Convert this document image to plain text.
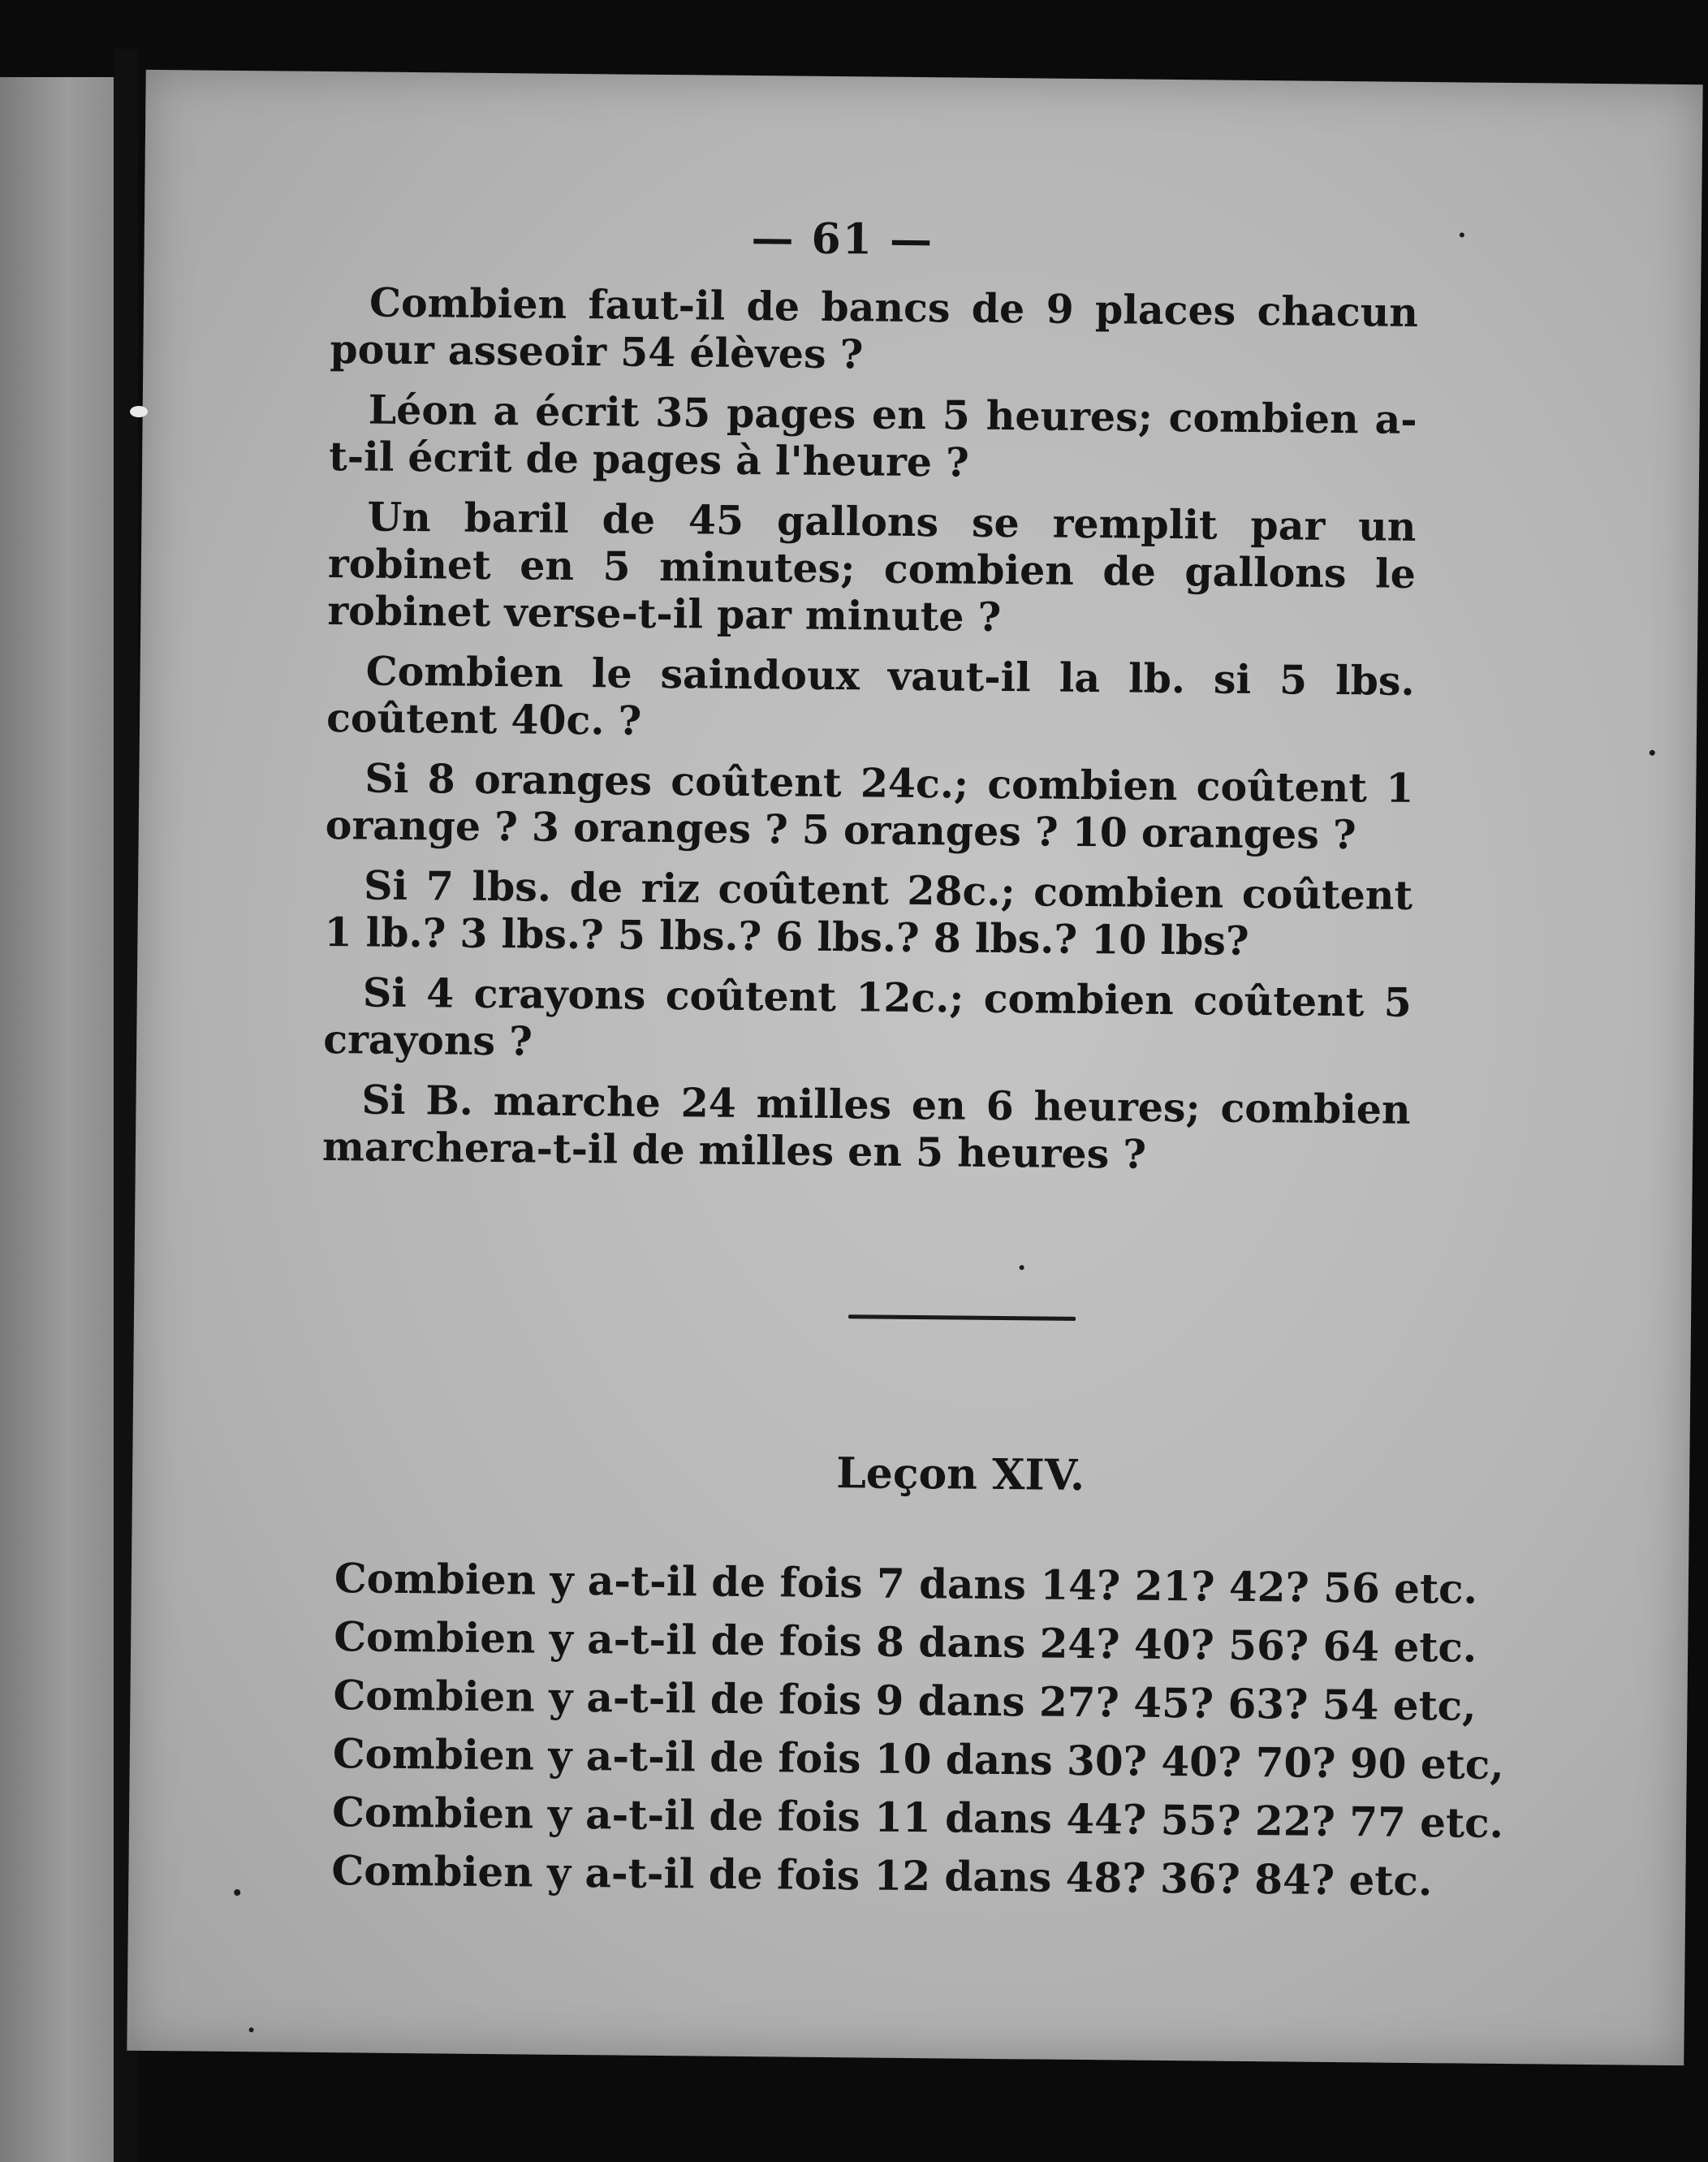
— 61 —

Combien faut-il de bancs de 9 places chacun pour asseoir 54 élèves ?

Léon a écrit 35 pages en 5 heures; combien a-t-il écrit de pages à l'heure ?

Un baril de 45 gallons se remplit par un robinet en 5 minutes; combien de gallons le robinet verse-t-il par minute ?

Combien le saindoux vaut-il la lb. si 5 lbs. coûtent 40c. ?

Si 8 oranges coûtent 24c.; combien coûtent 1 orange ? 3 oranges ? 5 oranges ? 10 oranges ?

Si 7 lbs. de riz coûtent 28c.; combien coûtent 1 lb.? 3 lbs.? 5 lbs.? 6 lbs.? 8 lbs.? 10 lbs?

Si 4 crayons coûtent 12c.; combien coûtent 5 crayons ?

Si B. marche 24 milles en 6 heures; combien marchera-t-il de milles en 5 heures ?

Leçon XIV.

Combien y a-t-il de fois 7 dans 14? 21? 42? 56 etc.

Combien y a-t-il de fois 8 dans 24? 40? 56? 64 etc.

Combien y a-t-il de fois 9 dans 27? 45? 63? 54 etc,

Combien y a-t-il de fois 10 dans 30? 40? 70? 90 etc,

Combien y a-t-il de fois 11 dans 44? 55? 22? 77 etc.

Combien y a-t-il de fois 12 dans 48? 36? 84? etc.
